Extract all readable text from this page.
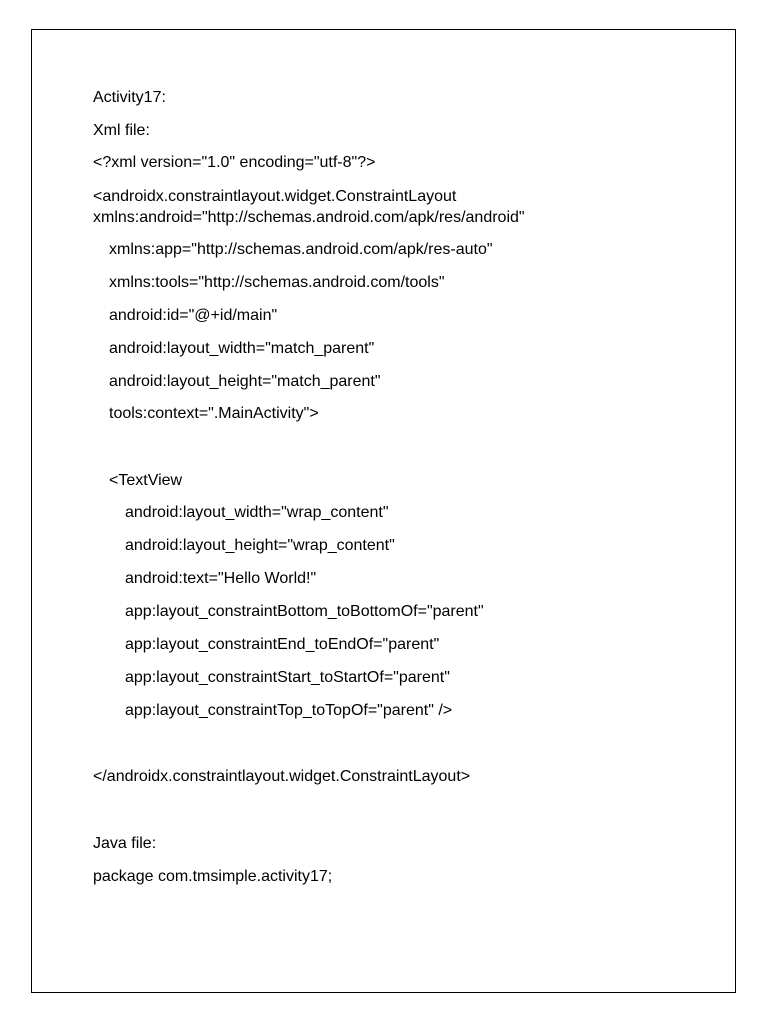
Activity17:
Xml file:
<?xml version="1.0" encoding="utf-8"?>
<androidx.constraintlayout.widget.ConstraintLayout
xmlns:android="http://schemas.android.com/apk/res/android"
xmlns:app="http://schemas.android.com/apk/res-auto"
xmlns:tools="http://schemas.android.com/tools"
android:id="@+id/main"
android:layout_width="match_parent"
android:layout_height="match_parent"
tools:context=".MainActivity">
<TextView
android:layout_width="wrap_content"
android:layout_height="wrap_content"
android:text="Hello World!"
app:layout_constraintBottom_toBottomOf="parent"
app:layout_constraintEnd_toEndOf="parent"
app:layout_constraintStart_toStartOf="parent"
app:layout_constraintTop_toTopOf="parent" />
</androidx.constraintlayout.widget.ConstraintLayout>
Java file:
package com.tmsimple.activity17;
